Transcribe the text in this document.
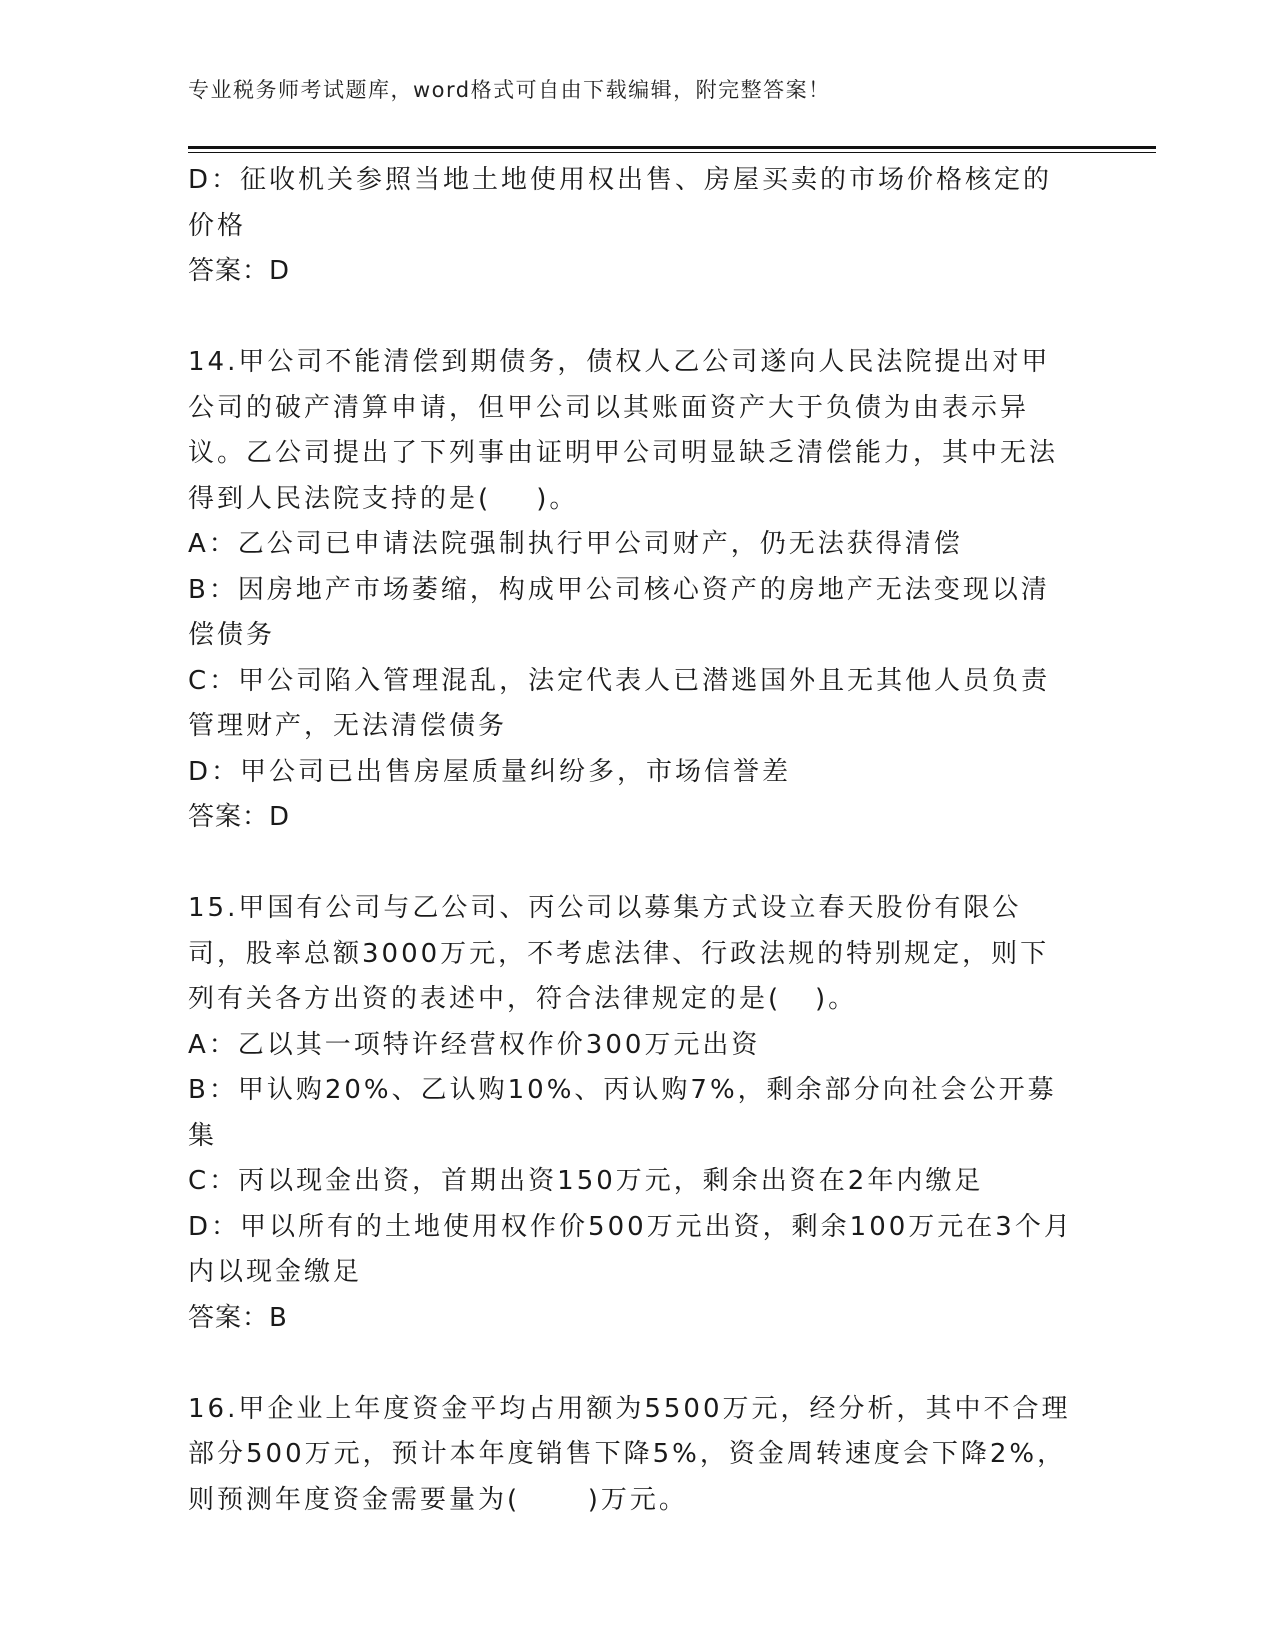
专业税务师考试题库，word格式可自由下载编辑，附完整答案！

D：征收机关参照当地土地使用权出售、房屋买卖的市场价格核定的价格

答案：D

14.甲公司不能清偿到期债务，债权人乙公司遂向人民法院提出对甲公司的破产清算申请，但甲公司以其账面资产大于负债为由表示异议。乙公司提出了下列事由证明甲公司明显缺乏清偿能力，其中无法得到人民法院支持的是(    )。

A：乙公司已申请法院强制执行甲公司财产，仍无法获得清偿

B：因房地产市场萎缩，构成甲公司核心资产的房地产无法变现以清偿债务

C：甲公司陷入管理混乱，法定代表人已潜逃国外且无其他人员负责管理财产，无法清偿债务

D：甲公司已出售房屋质量纠纷多，市场信誉差

答案：D

15.甲国有公司与乙公司、丙公司以募集方式设立春天股份有限公司，股率总额3000万元，不考虑法律、行政法规的特别规定，则下列有关各方出资的表述中，符合法律规定的是(   )。

A：乙以其一项特许经营权作价300万元出资

B：甲认购20%、乙认购10%、丙认购7%，剩余部分向社会公开募集

C：丙以现金出资，首期出资150万元，剩余出资在2年内缴足

D：甲以所有的土地使用权作价500万元出资，剩余100万元在3个月内以现金缴足

答案：B

16.甲企业上年度资金平均占用额为5500万元，经分析，其中不合理部分500万元，预计本年度销售下降5%，资金周转速度会下降2%，则预测年度资金需要量为(      )万元。
